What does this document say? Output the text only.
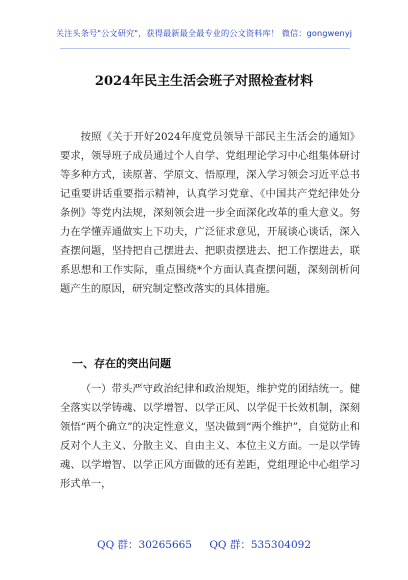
关注头条号"公文研究"，获得最新最全最专业的公文资料库！ 微信：gongwenyj
2024年民主生活会班子对照检查材料

按照《关于开好2024年度党员领导干部民主生活会的通知》要求，领导班子成员通过个人自学、党组理论学习中心组集体研讨等多种方式，读原著、学原文、悟原理，深入学习领会习近平总书记重要讲话重要指示精神，认真学习党章、《中国共产党纪律处分条例》等党内法规，深刻领会进一步全面深化改革的重大意义。努力在学懂弄通做实上下功夫，广泛征求意见，开展谈心谈话，深入查摆问题，坚持把自己摆进去、把职责摆进去、把工作摆进去，联系思想和工作实际，重点围绕*个方面认真查摆问题，深刻剖析问题产生的原因，研究制定整改落实的具体措施。

一、存在的突出问题

（一）带头严守政治纪律和政治规矩，维护党的团结统一。健全落实以学铸魂、以学增智、以学正风、以学促干长效机制，深刻领悟“两个确立”的决定性意义，坚决做到“两个维护”，自觉防止和反对个人主义、分散主义、自由主义、本位主义方面。一是以学铸魂、以学增智、以学正风方面做的还有差距，党组理论中心组学习形式单一，

QQ 群：30265665 QQ 群：535304092
